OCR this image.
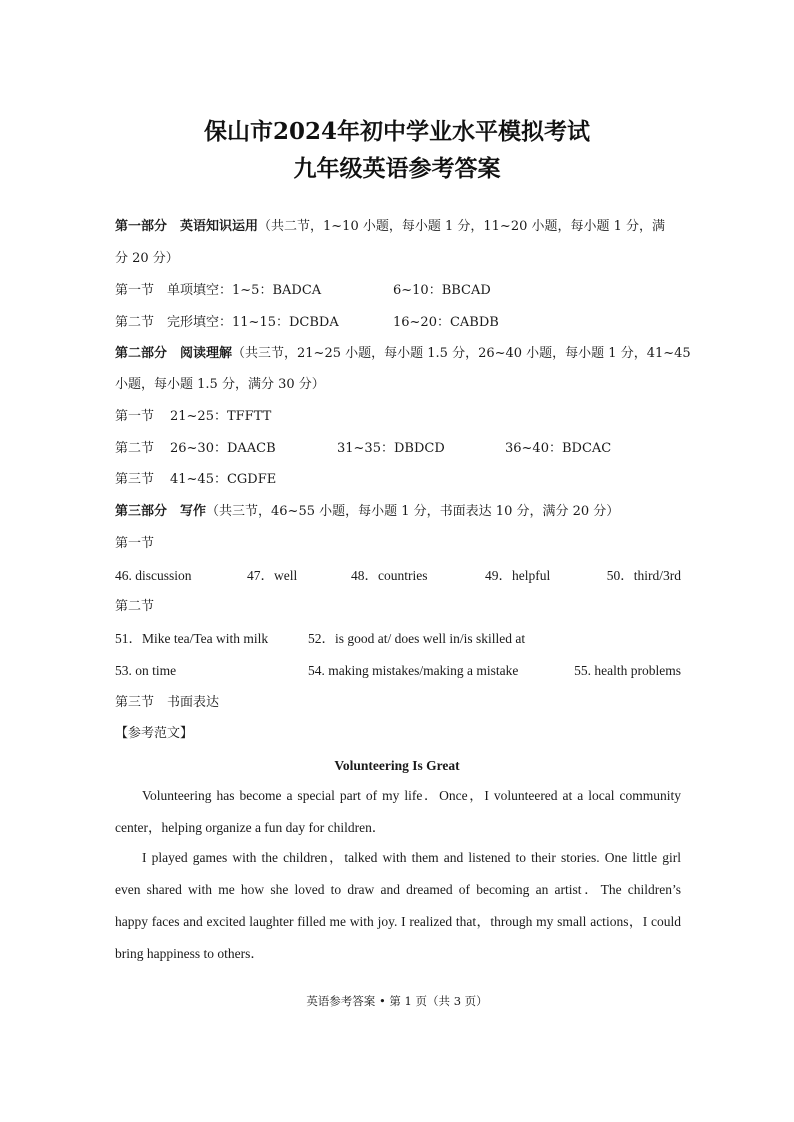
保山市2024年初中学业水平模拟考试
九年级英语参考答案
第一部分　英语知识运用（共二节，1~10 小题，每小题 1 分，11~20 小题，每小题 1 分，满
分 20 分）
第一节　单项填空：1~5：BADCA	6~10：BBCAD
第二节　完形填空：11~15：DCBDA	16~20：CABDB
第二部分　阅读理解（共三节，21~25 小题，每小题 1.5 分，26~40 小题，每小题 1 分，41~45
小题，每小题 1.5 分，满分 30 分）
第一节 21~25：TFFTT
第二节 26~30：DAACB	31~35：DBDCD	36~40：BDCAC
第三节 41~45：CGDFE
第三部分　写作（共三节，46~55 小题，每小题 1 分，书面表达 10 分，满分 20 分）
第一节
46. discussion	47．well	48．countries	49．helpful	50．third/3rd
第二节
51．Mike tea/Tea with milk	52．is good at/ does well in/is skilled at
53. on time	54. making mistakes/making a mistake	55. health problems
第三节　书面表达
【参考范文】
Volunteering Is Great
Volunteering has become a special part of my life．Once，I volunteered at a local community
center，helping organize a fun day for children．
I played games with the children，talked with them and listened to their stories. One little girl
even shared with me how she loved to draw and dreamed of becoming an artist．The children’s
happy faces and excited laughter filled me with joy. I realized that，through my small actions，I could
bring happiness to others．
英语参考答案 • 第 1 页（共 3 页）
